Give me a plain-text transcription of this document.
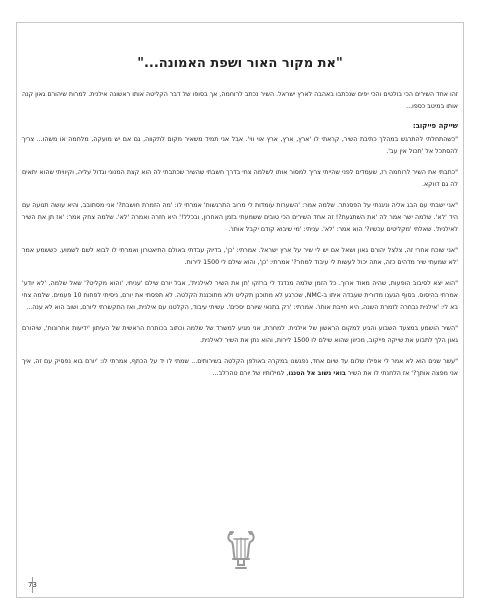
"את מקור האור ושפת האמונה..."

זהו אחד השירים הכי בולטים והכי יפים שנכתבו באהבה לארץ ישראל. השיר נכתב לרוחמה, אך בסופו של דבר הקליטה אותו ראשונה אילנית. למרות שיהורם גאון קנה אותו במיטב כספו...

שייקה פייקוב:

"כשהתחלתי להתרגש במהלך כתיבת השיר, קראתי לו 'ארץ, ארץ, ארץ אוי ווי'. אבל אני תמיד משאיר מקום לתקווה, גם אם יש מועקה, מלחמה או משהו... צריך להסתכל אל 'תכול אין עב'.

"כתבתי את השיר לרוחמה רז, שעמדים לפני שהייתי צריך למסור אותו לשלמה צחי בדרך חשבתי שהשיר שכתבתי לה הוא קצת המנוני וגדול עליה, וקיוויתי שהוא יתאים לה גם דווקא.

"אני ישבתי עם הבג אליה וניגנתי על הפסנתר. שלמה אמר: 'השערות עומדות לי מרוב התרגשות' אמרתי לו: 'מה הזמרת חושבת?' אני מסתובב, והיא עושה תנועה עם היד 'לא'. שלמה ישר אמר לה 'את השתגעת?! זה אחד השירים הכי טובים ששמעתי בזמן האחרון, ובכלל!' היא חזרה ואמרה 'לא'. שלמה צחק אמר: 'אז תן את השיר לאילנית'. שאלתי 'מקליטים עכשיו?' הוא אמר: 'לא'. עניתי: 'מי שיבוא קודם יקבל אותו'.

"אני שוכח אחרי זה, צלצל יהורם גאון ושאל אם יש לי שיר על ארץ ישראל. אמרתי: 'כן', בדיוק עבדתי באולם התיאטרון ואמרתי לו לבוא לשם לשמוע. כששמע אמר 'לא שמעתי שיר מדהים כזה, אתה יכול לעשות לי עיבוד למחר?' אמרתי: 'כן', והוא שילם לי 1500 לירות.

"הוא יצא לסיבוב הופעות, שהיה מאוד ארוך. כל הזמן שלמה מנדנד לי ברזקו 'תן את השיר לאילנית', אבל יורם שילם 'עניתי, 'והוא מקליט?' שאל שלמה, 'לא יודע' אמרתי בהיסוס. בסוף הגענו מדורית שעבדה איתו ב-NMC, שכרגע לא מתוכנן תקליט ולא מתוכננת הקלטה. לא תפסתי את יורם, ניסיתי לפחות 10 פעמים. שלמה צחי בא לי: 'אילנית נבחרה לזמרת השנה, היא חייבת אותו'. אמרתי: 'רק בתנאי שיורם יסכים'. עשיתי עיבוד, הקלטנו עם אילנית, ואז התקשרתי ליורם, ושוב הוא לא ענה...

"השיר הושמע במצעד השבוע והגיע למקום הראשון של אילנית. למחרת, אני מגיע למשרד של שלמה וכתוב בכותרת הראשית של העיתון 'ידיעות אחרונות', שיהורם גאון הלך לתבוע את שייקה פייקוב, מכיוון שהוא שילם לו 1500 לירות, והוא נתן את השיר לאילנית.

"עשר שנים הוא לא אמר לי אפילו שלום עד שיום אחד, נפגשנו במקרה באולפן הקלטה בשירותים... שמתי לו יד על הכתף, אמרתי לו: 'יורם בוא נפסיק עם זה, איך אני מפצה אותך?' אז הלחנתי לו את השיר בואי נשוב אל הטנגו, למילותיו של יורם טהרלב...

73
